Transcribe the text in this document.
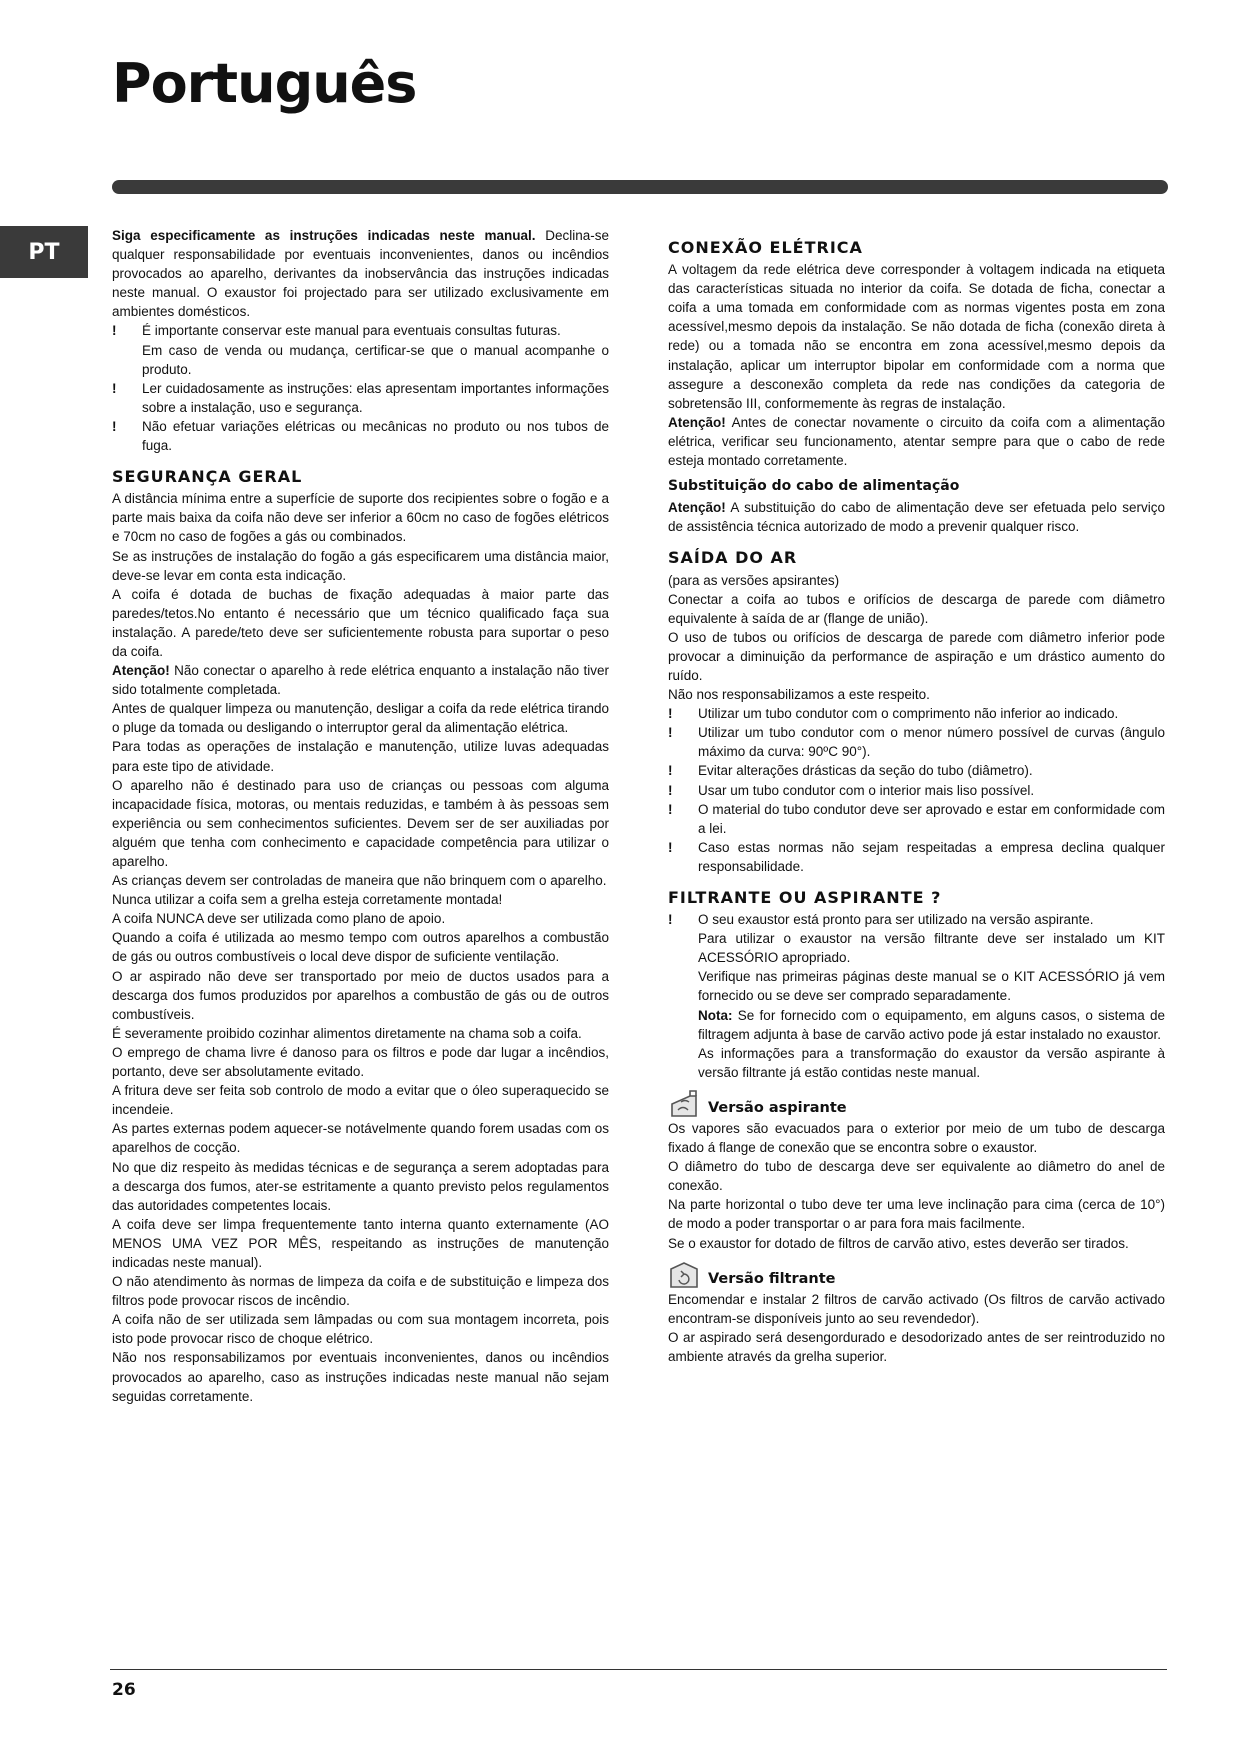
Português
PT

Siga especificamente as instruções indicadas neste manual. Declina-se qualquer responsabilidade por eventuais inconvenientes, danos ou incêndios provocados ao aparelho, derivantes da inobservância das instruções indicadas neste manual. O exaustor foi projectado para ser utilizado exclusivamente em ambientes domésticos.

!	É importante conservar este manual para eventuais consultas futuras.

Em caso de venda ou mudança, certificar-se que o manual acompanhe o produto.

!	Ler cuidadosamente as instruções: elas apresentam importantes informações sobre a instalação, uso e segurança.
!	Não efetuar variações elétricas ou mecânicas no produto ou nos tubos de fuga.
SEGURANÇA GERAL

A distância mínima entre a superfície de suporte dos recipientes sobre o fogão e a parte mais baixa da coifa não deve ser inferior a 60cm no caso de fogões elétricos e 70cm no caso de fogões a gás ou combinados.

Se as instruções de instalação do fogão a gás especificarem uma distância maior, deve-se levar em conta esta indicação.

A coifa é dotada de buchas de fixação adequadas à maior parte das paredes/tetos.No entanto é necessário que um técnico qualificado faça sua instalação. A parede/teto deve ser suficientemente robusta para suportar o peso da coifa.

Atenção! Não conectar o aparelho à rede elétrica enquanto a instalação não tiver sido totalmente completada.

Antes de qualquer limpeza ou manutenção, desligar a coifa da rede elétrica tirando o pluge da tomada ou desligando o interruptor geral da alimentação elétrica.

Para todas as operações de instalação e manutenção, utilize luvas adequadas para este tipo de atividade.

O aparelho não é destinado para uso de crianças ou pessoas com alguma incapacidade física, motoras, ou mentais reduzidas, e também à às pessoas sem experiência ou sem conhecimentos suficientes. Devem ser de ser auxiliadas por alguém que tenha com conhecimento e capacidade competência para utilizar o aparelho.

As crianças devem ser controladas de maneira que não brinquem com o aparelho.

Nunca utilizar a coifa sem a grelha esteja corretamente montada!

A coifa NUNCA deve ser utilizada como plano de apoio.

Quando a coifa é utilizada ao mesmo tempo com outros aparelhos a combustão de gás ou outros combustíveis o local deve dispor de suficiente ventilação.

O ar aspirado não deve ser transportado por meio de ductos usados para a descarga dos fumos produzidos por aparelhos a combustão de gás ou de outros combustíveis.

É severamente proibido cozinhar alimentos diretamente na chama sob a coifa.

O emprego de chama livre é danoso para os filtros e pode dar lugar a incêndios, portanto, deve ser absolutamente evitado.

A fritura deve ser feita sob controlo de modo a evitar que o óleo superaquecido se incendeie.

As partes externas podem aquecer-se notávelmente quando forem usadas com os aparelhos de cocção.

No que diz respeito às medidas técnicas e de segurança a serem adoptadas para a descarga dos fumos, ater-se estritamente a quanto previsto pelos regulamentos das autoridades competentes locais.

A coifa deve ser limpa frequentemente tanto interna quanto externamente (AO MENOS UMA VEZ POR MÊS, respeitando as instruções de manutenção indicadas neste manual).

O não atendimento às normas de limpeza da coifa e de substituição e limpeza dos filtros pode provocar riscos de incêndio.

A coifa não de ser utilizada sem lâmpadas ou com sua montagem incorreta, pois isto pode provocar risco de choque elétrico.

Não nos responsabilizamos por eventuais inconvenientes, danos ou incêndios provocados ao aparelho, caso as instruções indicadas neste manual não sejam seguidas corretamente.

CONEXÃO ELÉTRICA

A voltagem da rede elétrica deve corresponder à voltagem indicada na etiqueta das características situada no interior da coifa. Se dotada de ficha, conectar a coifa a uma tomada em conformidade com as normas vigentes posta em zona acessível,mesmo depois da instalação. Se não dotada de ficha (conexão direta à rede) ou a tomada não se encontra em zona acessível,mesmo depois da instalação, aplicar um interruptor bipolar em conformidade com a norma que assegure a desconexão completa da rede nas condições da categoria de sobretensão III, conformemente às regras de instalação.

Atenção! Antes de conectar novamente o circuito da coifa com a alimentação elétrica, verificar seu funcionamento, atentar sempre para que o cabo de rede esteja montado corretamente.

Substituição do cabo de alimentação

Atenção! A substituição do cabo de alimentação deve ser efetuada pelo serviço de assistência técnica autorizado de modo a prevenir qualquer risco.

SAÍDA DO AR

(para as versões apsirantes)

Conectar a coifa ao tubos e orifícios de descarga de parede com diâmetro equivalente à saída de ar (flange de união).

O uso de tubos ou orifícios de descarga de parede com diâmetro inferior pode provocar a diminuição da performance de aspiração e um drástico aumento do ruído.

Não nos responsabilizamos a este respeito.

!	Utilizar um tubo condutor com o comprimento não inferior ao indicado.
!	Utilizar um tubo condutor com o menor número possível de curvas (ângulo máximo da curva: 90ºC 90°).
!	Evitar alterações drásticas da seção do tubo (diâmetro).
!	Usar um tubo condutor com o interior mais liso possível.
!	O material do tubo condutor deve ser aprovado e estar em conformidade com a lei.
!	Caso estas normas não sejam respeitadas a empresa declina qualquer responsabilidade.
FILTRANTE OU ASPIRANTE ?
!	O seu exaustor está pronto para ser utilizado na versão aspirante.

Para utilizar o exaustor na versão filtrante deve ser instalado um KIT ACESSÓRIO apropriado.

Verifique nas primeiras páginas deste manual se o KIT ACESSÓRIO já vem fornecido ou se deve ser comprado separadamente.

Nota: Se for fornecido com o equipamento, em alguns casos, o sistema de filtragem adjunta à base de carvão activo pode já estar instalado no exaustor.

As informações para a transformação do exaustor da versão aspirante à versão filtrante já estão contidas neste manual.

Versão aspirante

Os vapores são evacuados para o exterior por meio de um tubo de descarga fixado á flange de conexão que se encontra sobre o exaustor.

O diâmetro do tubo de descarga deve ser equivalente ao diâmetro do anel de conexão.

Na parte horizontal o tubo deve ter uma leve inclinação para cima (cerca de 10°) de modo a poder transportar o ar para fora mais facilmente.

Se o exaustor for dotado de filtros de carvão ativo, estes deverão ser tirados.

Versão filtrante

Encomendar e instalar 2 filtros de carvão activado (Os filtros de carvão activado encontram-se disponíveis junto ao seu revendedor).

O ar aspirado será desengordurado e desodorizado antes de ser reintroduzido no ambiente através da grelha superior.

26
